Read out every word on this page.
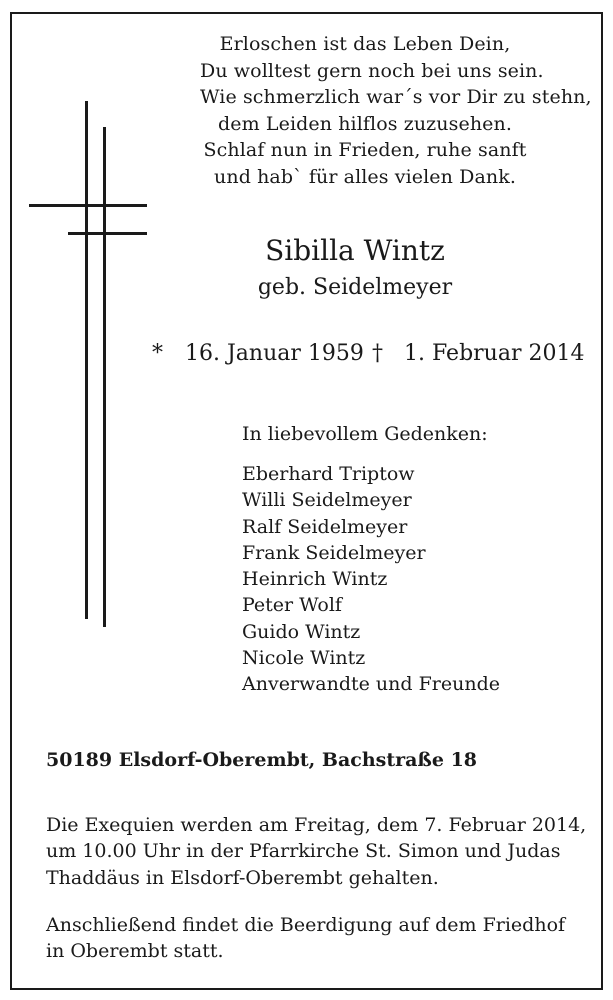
Erloschen ist das Leben Dein,
Du wolltest gern noch bei uns sein.
Wie schmerzlich war´s vor Dir zu stehn,
dem Leiden hilflos zuzusehen.
Schlaf nun in Frieden, ruhe sanft
und hab` für alles vielen Dank.
Sibilla Wintz
geb. Seidelmeyer
* 16. Januar 1959 † 1. Februar 2014
In liebevollem Gedenken:
Eberhard Triptow
Willi Seidelmeyer
Ralf Seidelmeyer
Frank Seidelmeyer
Heinrich Wintz
Peter Wolf
Guido Wintz
Nicole Wintz
Anverwandte und Freunde
50189 Elsdorf-Oberembt, Bachstraße 18
Die Exequien werden am Freitag, dem 7. Februar 2014,
um 10.00 Uhr in der Pfarrkirche St. Simon und Judas
Thaddäus in Elsdorf-Oberembt gehalten.
Anschließend findet die Beerdigung auf dem Friedhof
in Oberembt statt.
